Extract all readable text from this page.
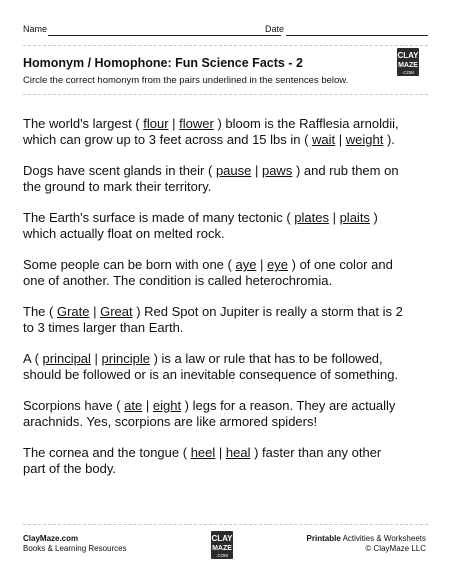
Name	Date
Homonym / Homophone: Fun Science Facts - 2
Circle the correct homonym from the pairs underlined in the sentences below.
CLAY
MAZE
.COM

The world's largest ( flour | flower ) bloom is the Rafflesia arnoldii,
which can grow up to 3 feet across and 15 lbs in ( wait | weight ).

Dogs have scent glands in their ( pause | paws ) and rub them on
the ground to mark their territory.

The Earth's surface is made of many tectonic ( plates | plaits )
which actually float on melted rock.

Some people can be born with one ( aye | eye ) of one color and
one of another. The condition is called heterochromia.

The ( Grate | Great ) Red Spot on Jupiter is really a storm that is 2
to 3 times larger than Earth.

A ( principal | principle ) is a law or rule that has to be followed,
should be followed or is an inevitable consequence of something.

Scorpions have ( ate | eight ) legs for a reason. They are actually
arachnids. Yes, scorpions are like armored spiders!

The cornea and the tongue ( heel | heal ) faster than any other
part of the body.

ClayMaze.com
Books & Learning Resources
CLAY
MAZE
.COM
Printable Activities & Worksheets
© ClayMaze LLC
